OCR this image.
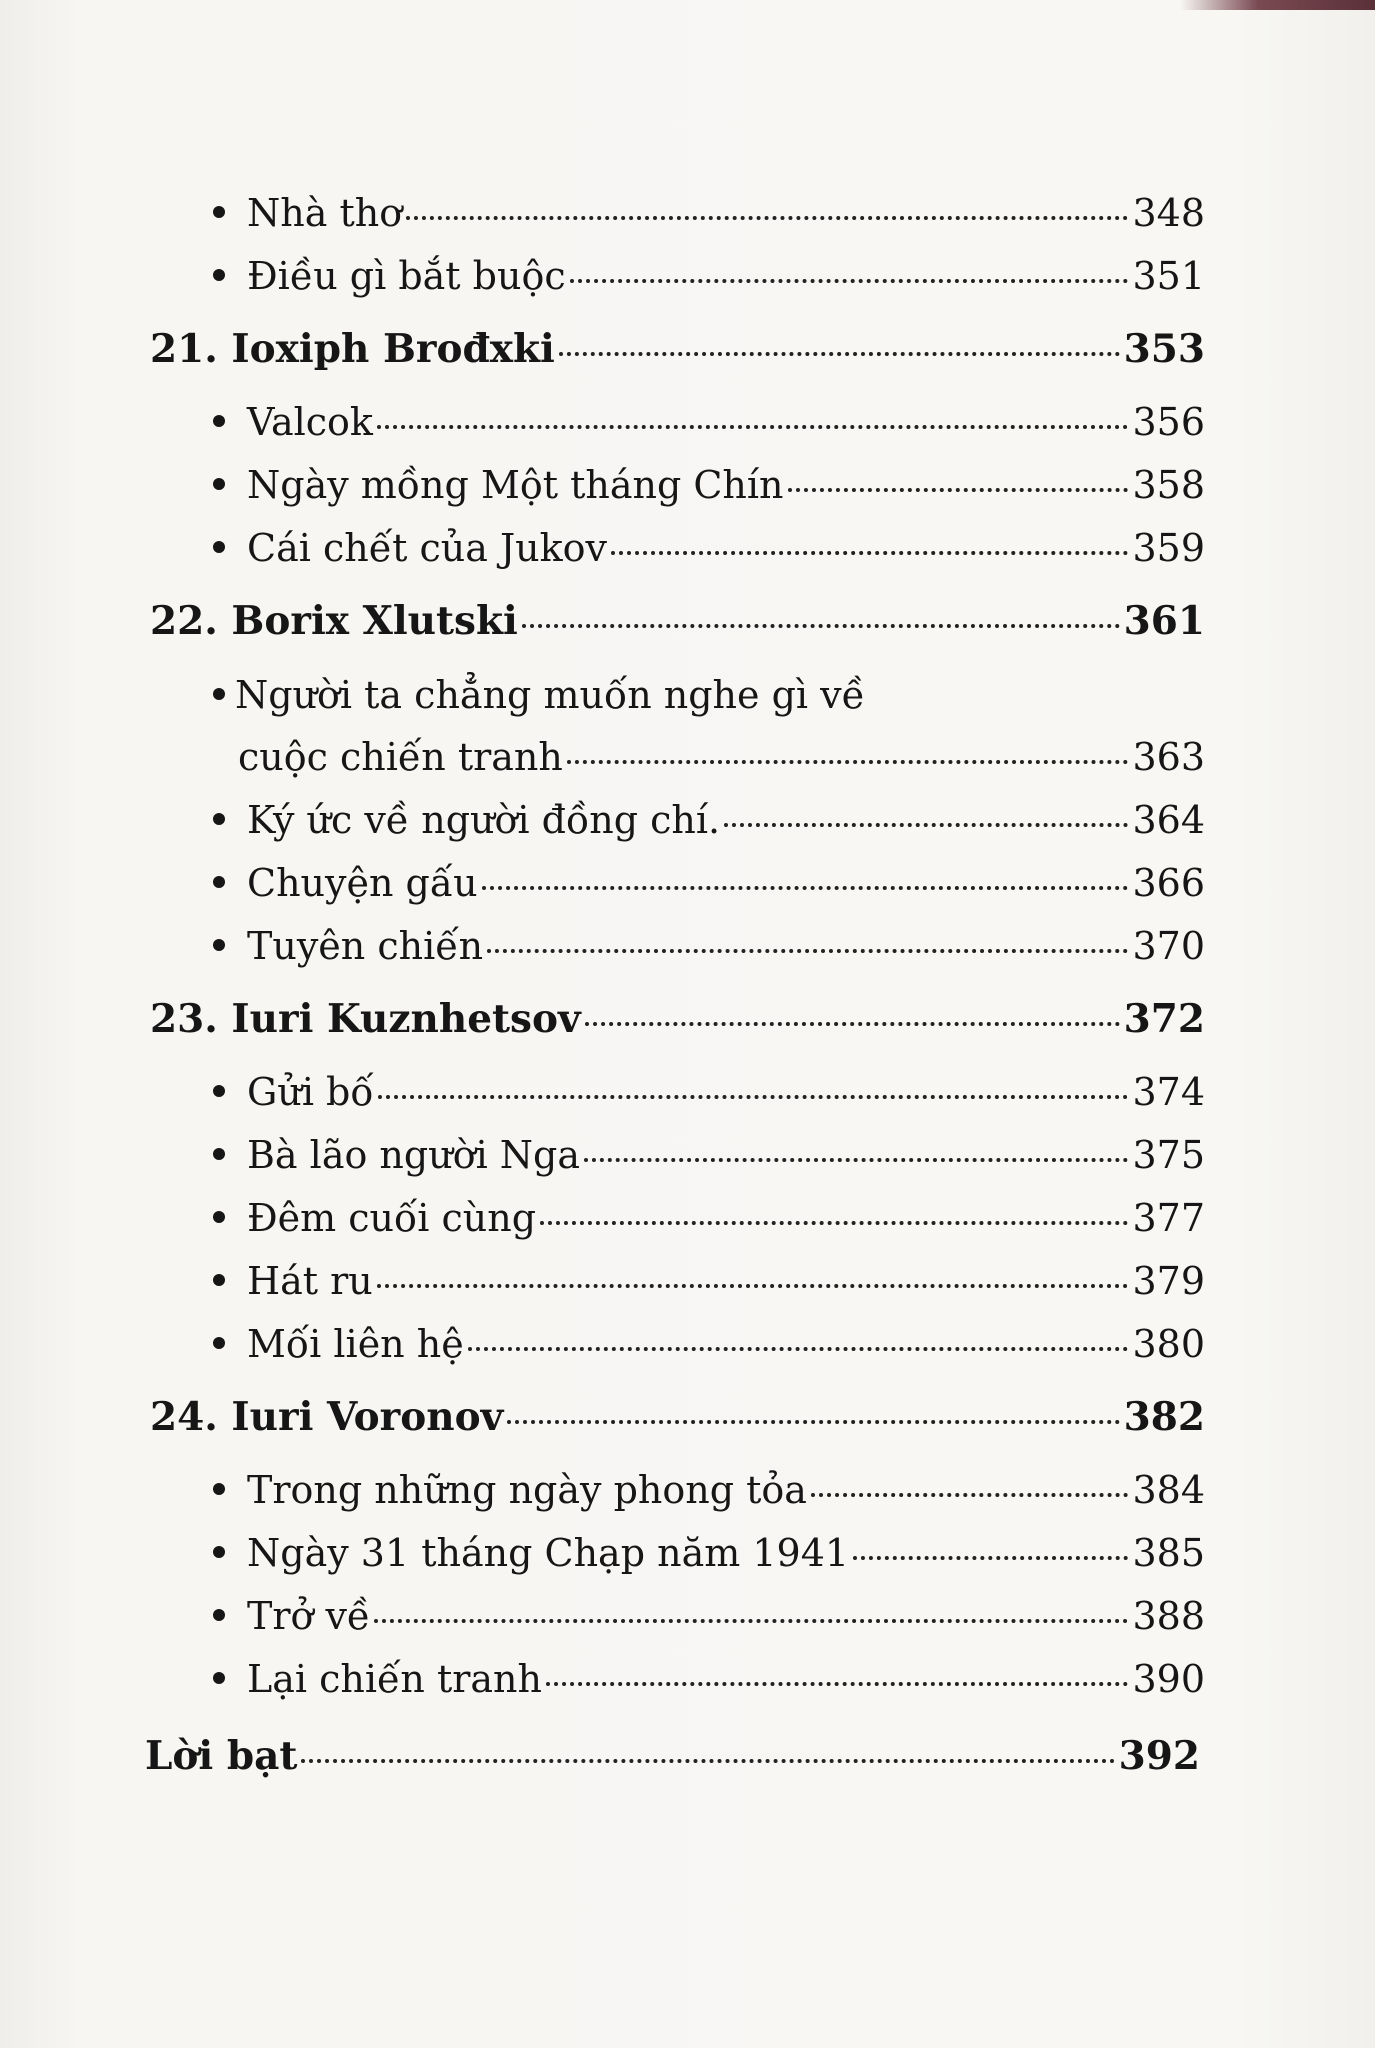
Nhà thơ	348
Điều gì bắt buộc	351
21. Ioxiph Brođxki	353
Valcok	356
Ngày mồng Một tháng Chín	358
Cái chết của Jukov	359
22. Borix Xlutski	361
Người ta chẳng muốn nghe gì về
cuộc chiến tranh	363
Ký ức về người đồng chí.	364
Chuyện gấu	366
Tuyên chiến	370
23. Iuri Kuznhetsov	372
Gửi bố	374
Bà lão người Nga	375
Đêm cuối cùng	377
Hát ru	379
Mối liên hệ	380
24. Iuri Voronov	382
Trong những ngày phong tỏa	384
Ngày 31 tháng Chạp năm 1941	385
Trở về	388
Lại chiến tranh	390
Lời bạt	392
